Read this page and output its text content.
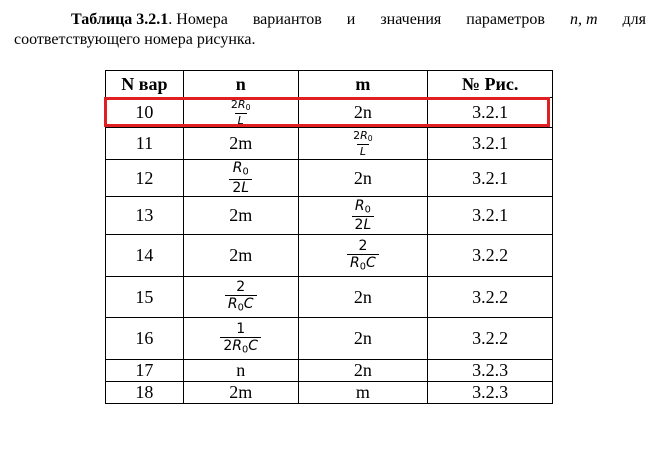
Таблица 3.2.1. Номера вариантов и значения параметров n, m для
соответствующего номера рисунка.
N вар	n	m	№ Рис.
10	$\frac{2R_0}{L}$	2n	3.2.1
11	2m	$\frac{2R_0}{L}$	3.2.1
12	$\frac{R_0}{2L}$	2n	3.2.1
13	2m	$\frac{R_0}{2L}$	3.2.1
14	2m	$\frac{2}{R_0C}$	3.2.2
15	$\frac{2}{R_0C}$	2n	3.2.2
16	$\frac{1}{2R_0C}$	2n	3.2.2
17	n	2n	3.2.3
18	2m	m	3.2.3
